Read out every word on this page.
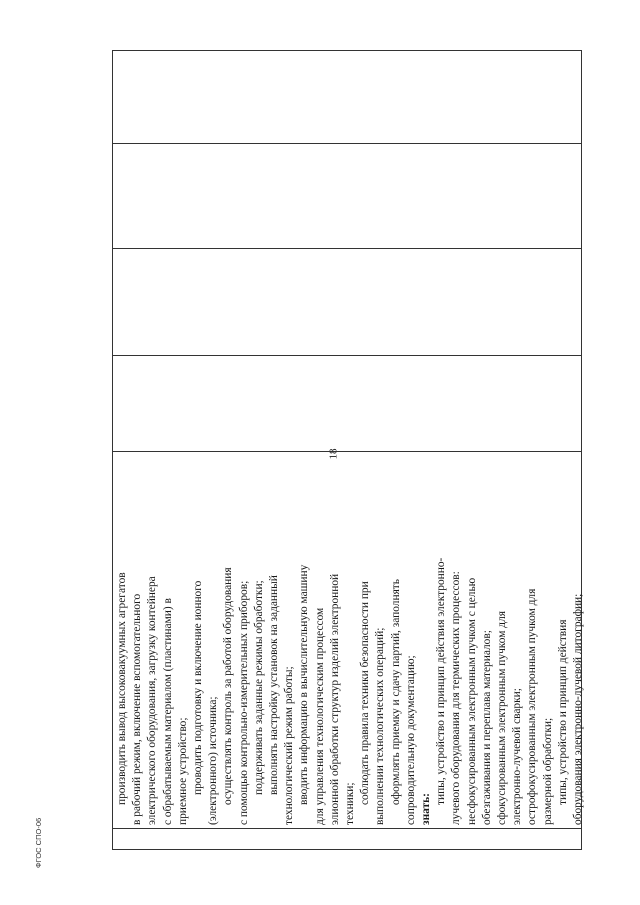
18

производить вывод высоковакуумных агрегатов в рабочий режим, включение вспомогательного электрического оборудования, загрузку контейнера с обрабатываемым материалом (пластинами) в приемное устройство; проводить подготовку и включение ионного (электронного) источника; осуществлять контроль за работой оборудования с помощью контрольно-измерительных приборов; поддерживать заданные режимы обработки; выполнять настройку установок на заданный технологический режим работы; вводить информацию в вычислительную машину для управления технологическим процессом элионной обработки структур изделий электронной техники; соблюдать правила техники безопасности при выполнении технологических операций; оформлять приемку и сдачу партий, заполнять сопроводительную документацию; знать:

типы, устройство и принцип действия электронно- лучевого оборудования для термических процессов: несфокусированным электронным пучком с целью обезгаживания и переплава материалов; сфокусированным электронным пучком для электронно-лучевой сварки; острофокусированным электронным пучком для размерной обработки; типы, устройство и принцип действия оборудования электронно-лучевой литографии;

ФГОС СПО-06
